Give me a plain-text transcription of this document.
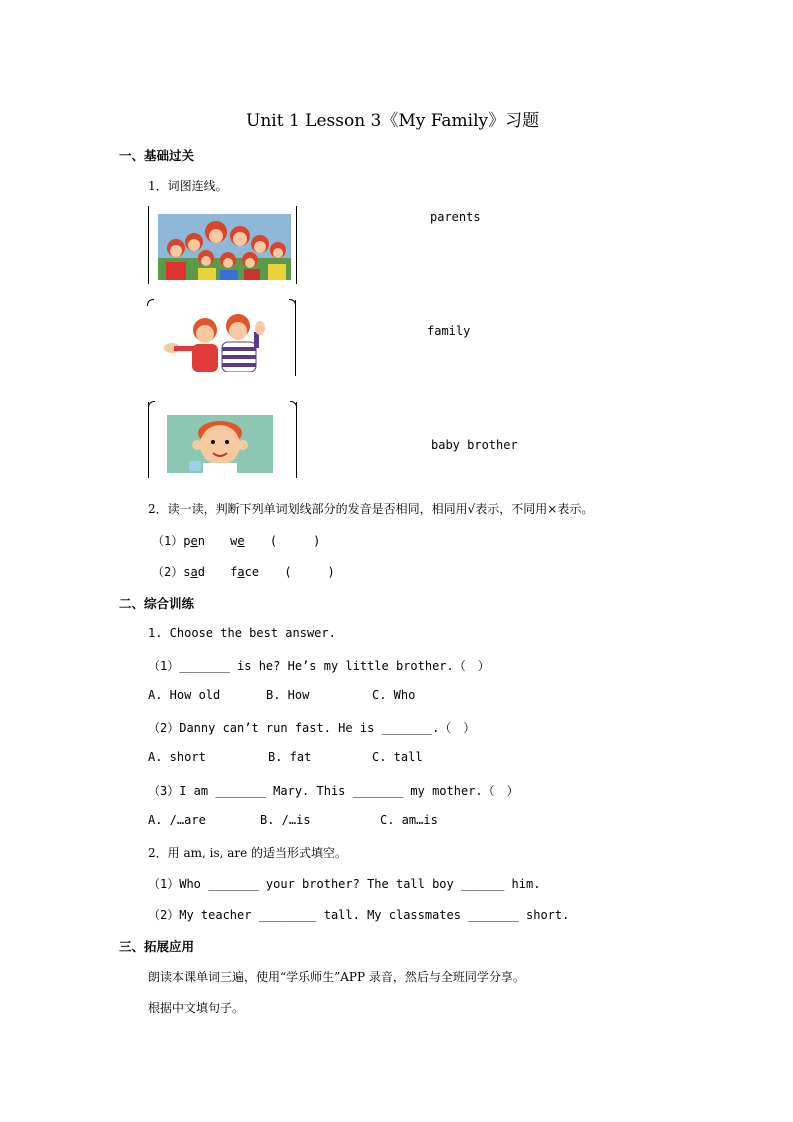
Unit 1 Lesson 3《My Family》习题
一、基础过关
1．词图连线。
parents
family
baby brother
2．读一读，判断下列单词划线部分的发音是否相同，相同用√表示，不同用×表示。
（1）pen we (　　　)
（2）sad face (　　　)
二、综合训练
1. Choose the best answer.
（1）_______ is he? He’s my little brother.（　）
A. How old	B. How	C. Who
（2）Danny can’t run fast. He is _______.（　）
A. short	B. fat	C. tall
（3）I am _______ Mary. This _______ my mother.（　）
A. /…are	B. /…is	C. am…is
2．用 am, is, are 的适当形式填空。
（1）Who _______ your brother? The tall boy ______ him.
（2）My teacher ________ tall. My classmates _______ short.
三、拓展应用
朗读本课单词三遍，使用“学乐师生”APP 录音，然后与全班同学分享。
根据中文填句子。
